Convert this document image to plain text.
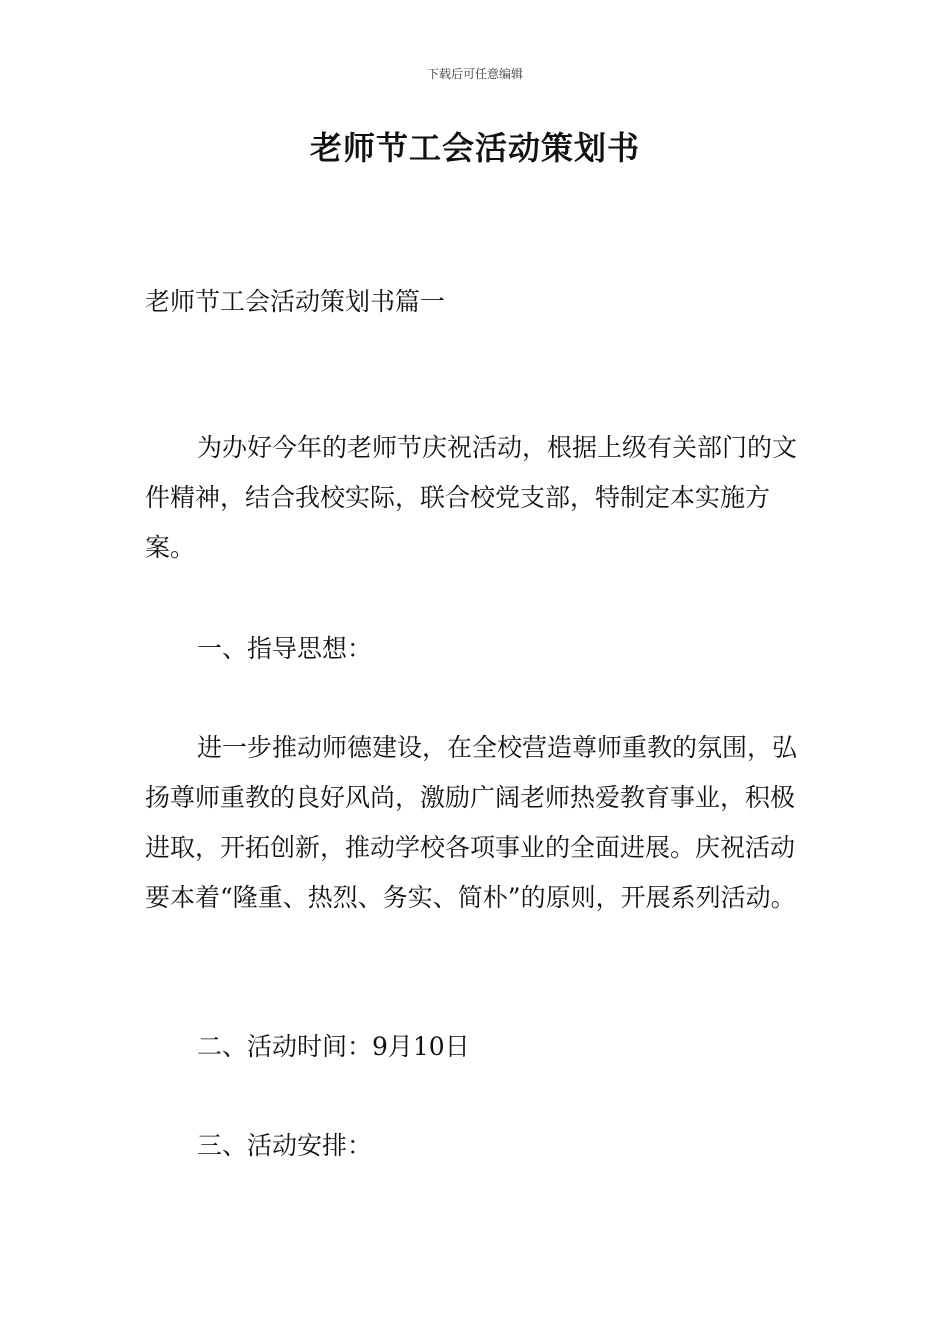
下载后可任意编辑
老师节工会活动策划书
老师节工会活动策划书篇一
为办好今年的老师节庆祝活动，根据上级有关部门的文件精神，结合我校实际，联合校党支部，特制定本实施方案。
一、指导思想：
进一步推动师德建设，在全校营造尊师重教的氛围，弘扬尊师重教的良好风尚，激励广阔老师热爱教育事业，积极进取，开拓创新，推动学校各项事业的全面进展。庆祝活动要本着“隆重、热烈、务实、简朴”的原则，开展系列活动。
二、活动时间：9月10日
三、活动安排：
